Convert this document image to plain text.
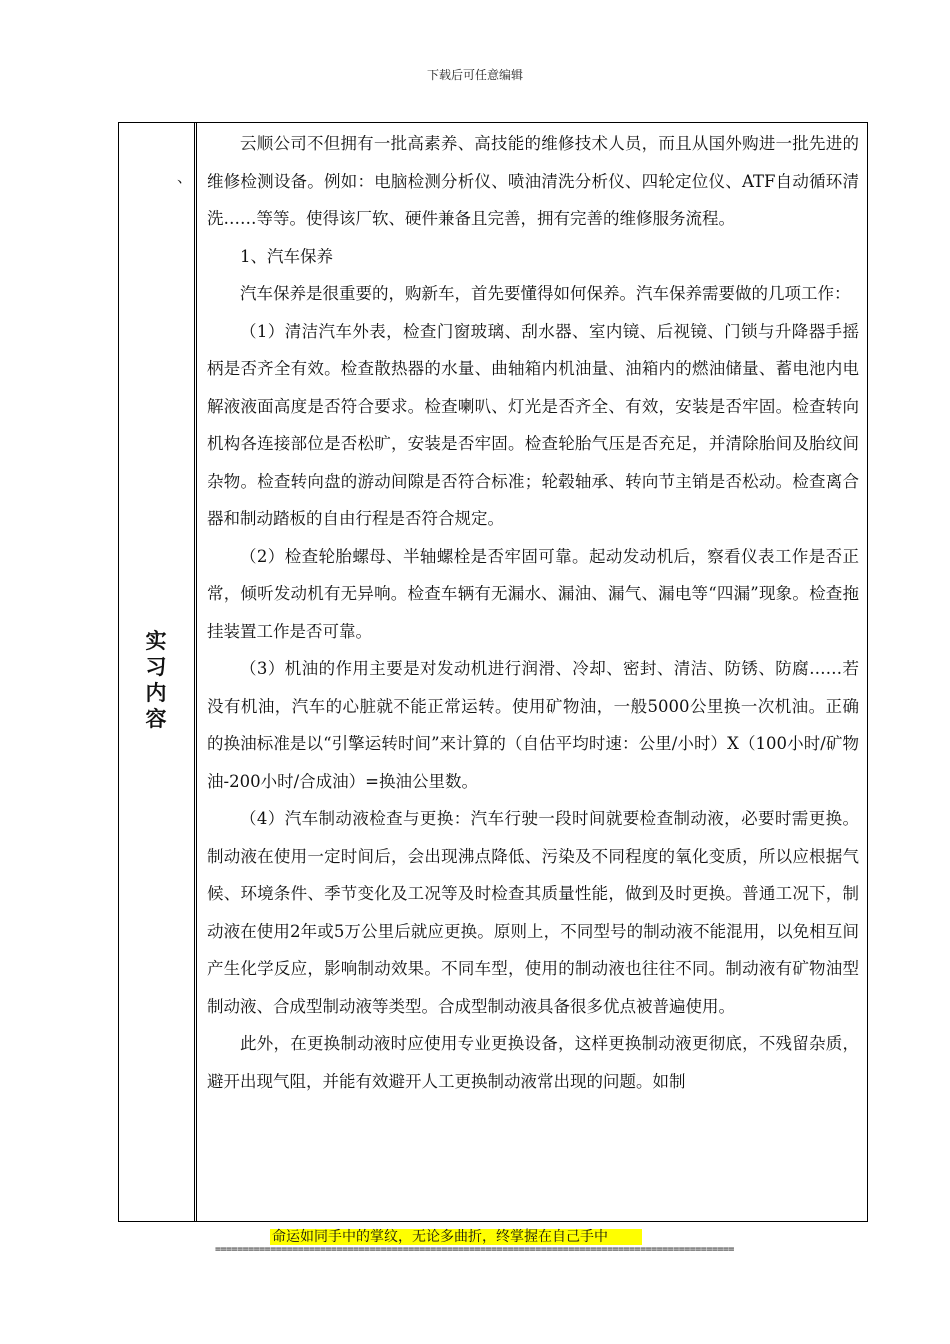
下载后可任意编辑
实习内容
、

云顺公司不但拥有一批高素养、高技能的维修技术人员，而且从国外购进一批先进的维修检测设备。例如：电脑检测分析仪、喷油清洗分析仪、四轮定位仪、ATF自动循环清洗……等等。使得该厂软、硬件兼备且完善，拥有完善的维修服务流程。

1、汽车保养

汽车保养是很重要的，购新车，首先要懂得如何保养。汽车保养需要做的几项工作：

（1）清洁汽车外表，检查门窗玻璃、刮水器、室内镜、后视镜、门锁与升降器手摇柄是否齐全有效。检查散热器的水量、曲轴箱内机油量、油箱内的燃油储量、蓄电池内电解液液面高度是否符合要求。检查喇叭、灯光是否齐全、有效，安装是否牢固。检查转向机构各连接部位是否松旷，安装是否牢固。检查轮胎气压是否充足，并清除胎间及胎纹间杂物。检查转向盘的游动间隙是否符合标准；轮毂轴承、转向节主销是否松动。检查离合器和制动踏板的自由行程是否符合规定。

（2）检查轮胎螺母、半轴螺栓是否牢固可靠。起动发动机后，察看仪表工作是否正常，倾听发动机有无异响。检查车辆有无漏水、漏油、漏气、漏电等“四漏”现象。检查拖挂装置工作是否可靠。

（3）机油的作用主要是对发动机进行润滑、冷却、密封、清洁、防锈、防腐……若没有机油，汽车的心脏就不能正常运转。使用矿物油，一般5000公里换一次机油。正确的换油标准是以“引擎运转时间”来计算的（自估平均时速：公里/小时）X（100小时/矿物油-200小时/合成油）=换油公里数。

（4）汽车制动液检查与更换：汽车行驶一段时间就要检查制动液，必要时需更换。制动液在使用一定时间后，会出现沸点降低、污染及不同程度的氧化变质，所以应根据气候、环境条件、季节变化及工况等及时检查其质量性能，做到及时更换。普通工况下，制动液在使用2年或5万公里后就应更换。原则上，不同型号的制动液不能混用，以免相互间产生化学反应，影响制动效果。不同车型，使用的制动液也往往不同。制动液有矿物油型制动液、合成型制动液等类型。合成型制动液具备很多优点被普遍使用。

此外，在更换制动液时应使用专业更换设备，这样更换制动液更彻底，不残留杂质，避开出现气阻，并能有效避开人工更换制动液常出现的问题。如制

命运如同手中的掌纹，无论多曲折，终掌握在自己手中
==============================================================================================
